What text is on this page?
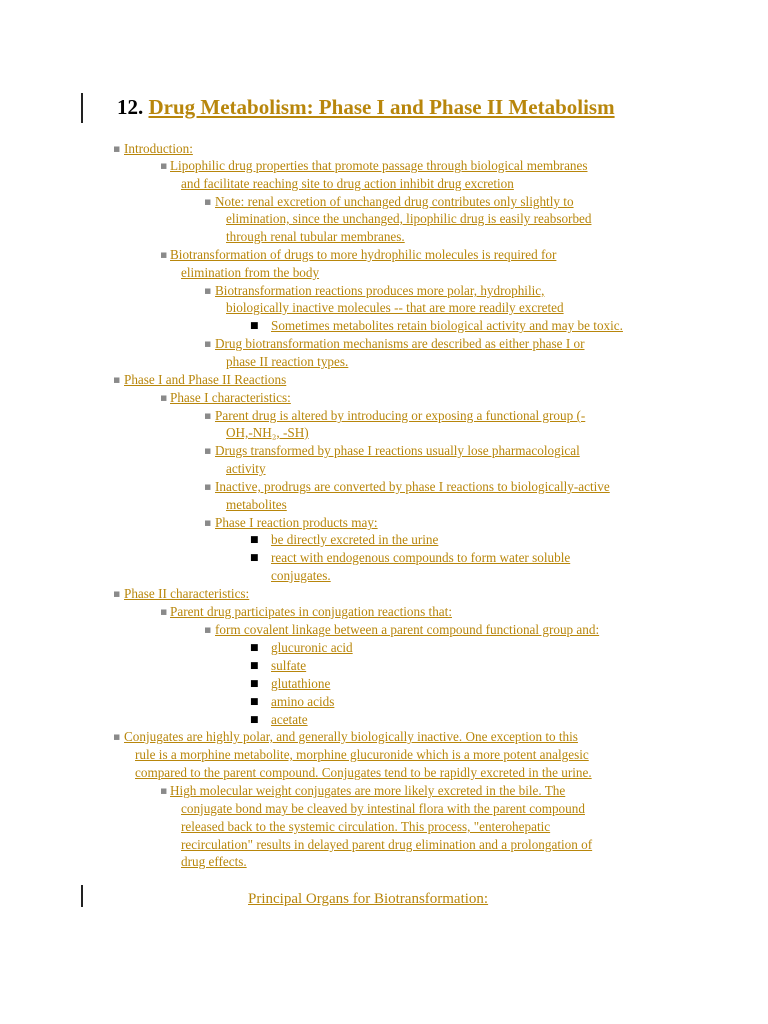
12. Drug Metabolism: Phase I and Phase II Metabolism
▪ Introduction:
▪ Lipophilic drug properties that promote passage through biological membranes
and facilitate reaching site to drug action inhibit drug excretion
▪ Note: renal excretion of unchanged drug contributes only slightly to
elimination, since the unchanged, lipophilic drug is easily reabsorbed
through renal tubular membranes.
▪ Biotransformation of drugs to more hydrophilic molecules is required for
elimination from the body
▪ Biotransformation reactions produces more polar, hydrophilic,
biologically inactive molecules -- that are more readily excreted
■ Sometimes metabolites retain biological activity and may be toxic.
▪ Drug biotransformation mechanisms are described as either phase I or
phase II reaction types.
▪ Phase I and Phase II Reactions
▪ Phase I characteristics:
▪ Parent drug is altered by introducing or exposing a functional group (-
OH,-NH₂, -SH)
▪ Drugs transformed by phase I reactions usually lose pharmacological
activity
▪ Inactive, prodrugs are converted by phase I reactions to biologically-active
metabolites
▪ Phase I reaction products may:
■ be directly excreted in the urine
■ react with endogenous compounds to form water soluble
conjugates.
▪ Phase II characteristics:
▪ Parent drug participates in conjugation reactions that:
▪ form covalent linkage between a parent compound functional group and:
■ glucuronic acid
■ sulfate
■ glutathione
■ amino acids
■ acetate
▪ Conjugates are highly polar, and generally biologically inactive. One exception to this
rule is a morphine metabolite, morphine glucuronide which is a more potent analgesic
compared to the parent compound. Conjugates tend to be rapidly excreted in the urine.
▪ High molecular weight conjugates are more likely excreted in the bile. The
conjugate bond may be cleaved by intestinal flora with the parent compound
released back to the systemic circulation. This process, "enterohepatic
recirculation" results in delayed parent drug elimination and a prolongation of
drug effects.
Principal Organs for Biotransformation:
